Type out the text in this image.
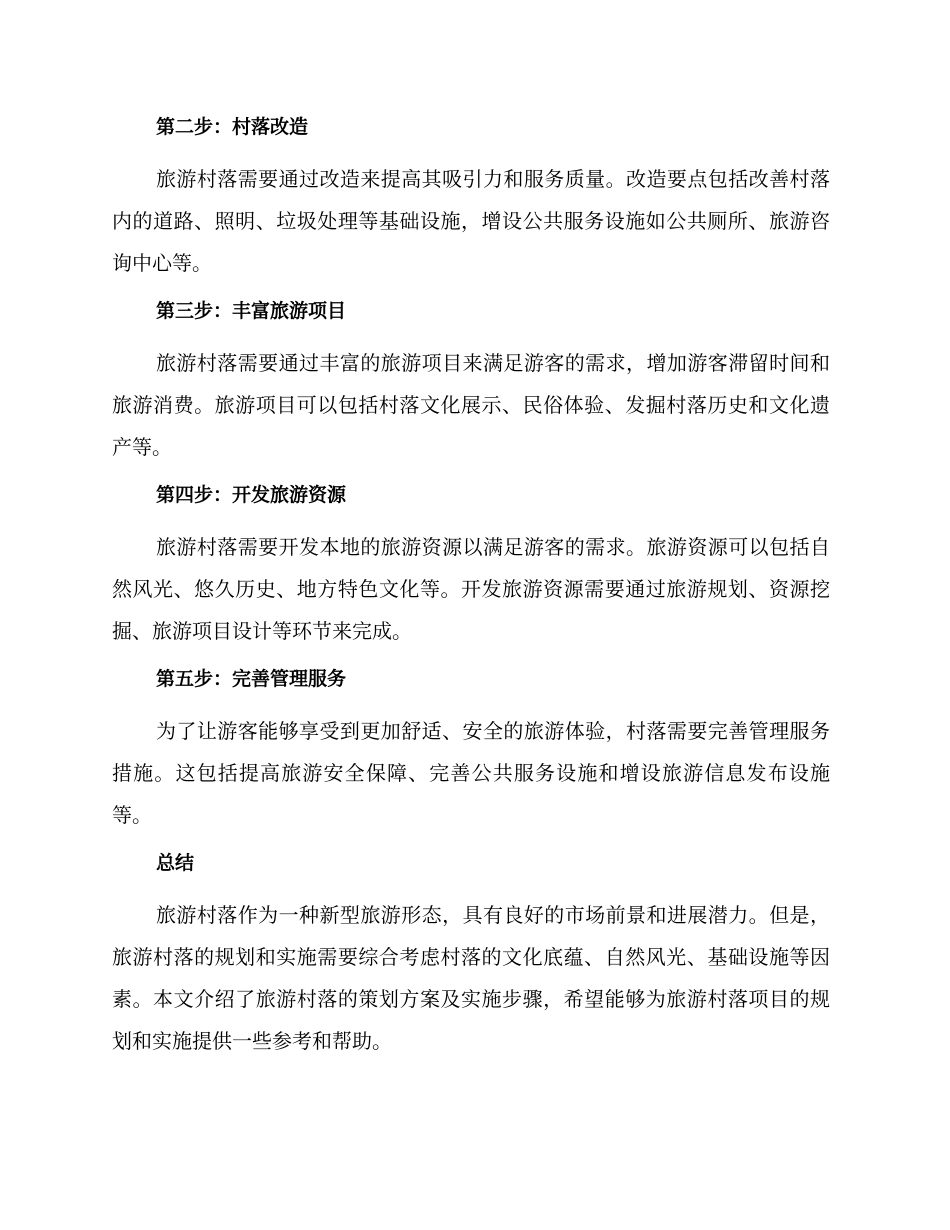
第二步：村落改造

旅游村落需要通过改造来提高其吸引力和服务质量。改造要点包括改善村落内的道路、照明、垃圾处理等基础设施，增设公共服务设施如公共厕所、旅游咨询中心等。

第三步：丰富旅游项目

旅游村落需要通过丰富的旅游项目来满足游客的需求，增加游客滞留时间和旅游消费。旅游项目可以包括村落文化展示、民俗体验、发掘村落历史和文化遗产等。

第四步：开发旅游资源

旅游村落需要开发本地的旅游资源以满足游客的需求。旅游资源可以包括自然风光、悠久历史、地方特色文化等。开发旅游资源需要通过旅游规划、资源挖掘、旅游项目设计等环节来完成。

第五步：完善管理服务

为了让游客能够享受到更加舒适、安全的旅游体验，村落需要完善管理服务措施。这包括提高旅游安全保障、完善公共服务设施和增设旅游信息发布设施等。

总结

旅游村落作为一种新型旅游形态，具有良好的市场前景和进展潜力。但是，旅游村落的规划和实施需要综合考虑村落的文化底蕴、自然风光、基础设施等因素。本文介绍了旅游村落的策划方案及实施步骤，希望能够为旅游村落项目的规划和实施提供一些参考和帮助。
